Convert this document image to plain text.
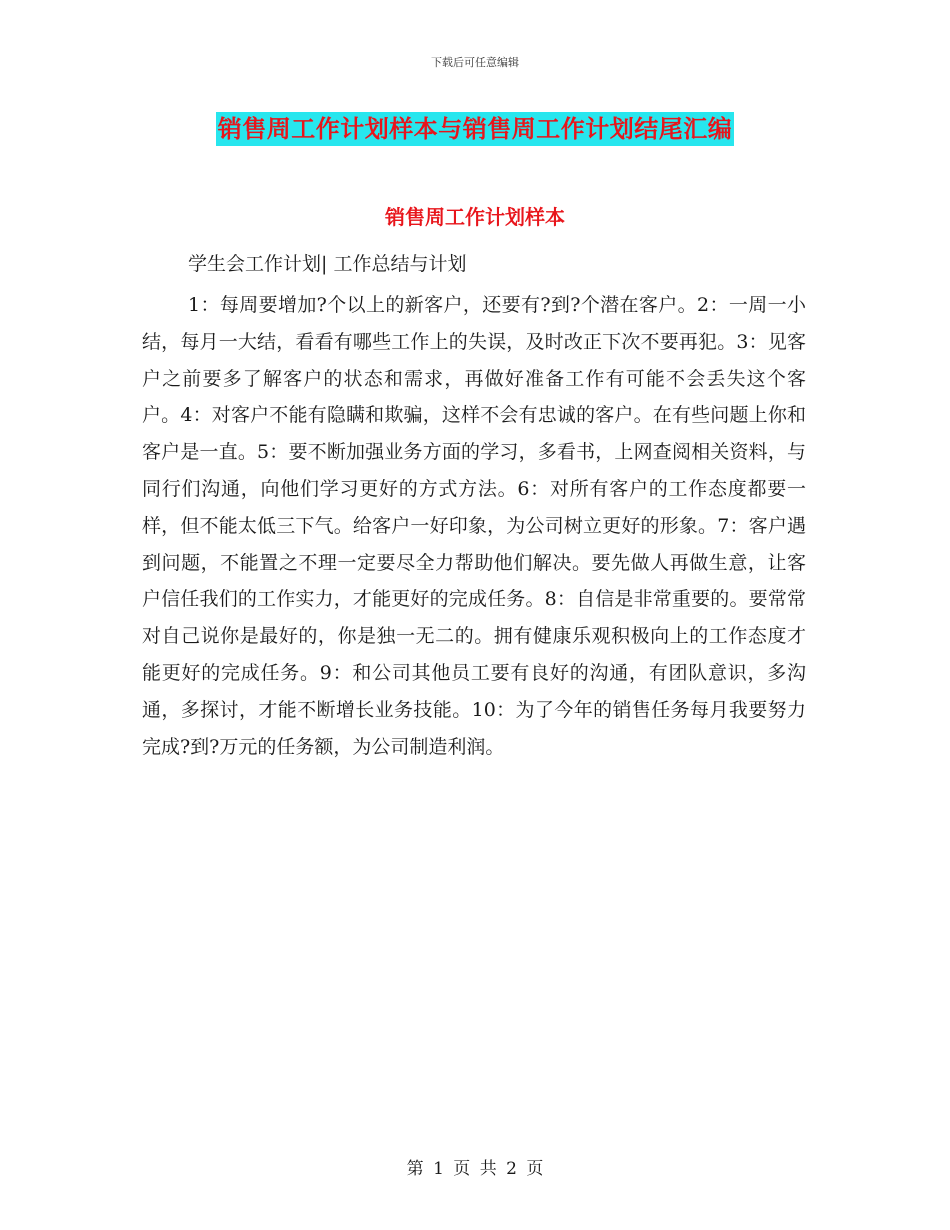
下载后可任意编辑
销售周工作计划样本与销售周工作计划结尾汇编
销售周工作计划样本
学生会工作计划| 工作总结与计划

1：每周要增加?个以上的新客户，还要有?到?个潜在客户。2：一周一小结，每月一大结，看看有哪些工作上的失误，及时改正下次不要再犯。3：见客户之前要多了解客户的状态和需求，再做好准备工作有可能不会丢失这个客户。4：对客户不能有隐瞒和欺骗，这样不会有忠诚的客户。在有些问题上你和客户是一直。5：要不断加强业务方面的学习，多看书，上网查阅相关资料，与同行们沟通，向他们学习更好的方式方法。6：对所有客户的工作态度都要一样，但不能太低三下气。给客户一好印象，为公司树立更好的形象。7：客户遇到问题，不能置之不理一定要尽全力帮助他们解决。要先做人再做生意，让客户信任我们的工作实力，才能更好的完成任务。8：自信是非常重要的。要常常对自己说你是最好的，你是独一无二的。拥有健康乐观积极向上的工作态度才能更好的完成任务。9：和公司其他员工要有良好的沟通，有团队意识，多沟通，多探讨，才能不断增长业务技能。10：为了今年的销售任务每月我要努力完成?到?万元的任务额，为公司制造利润。

第 1 页 共 2 页
